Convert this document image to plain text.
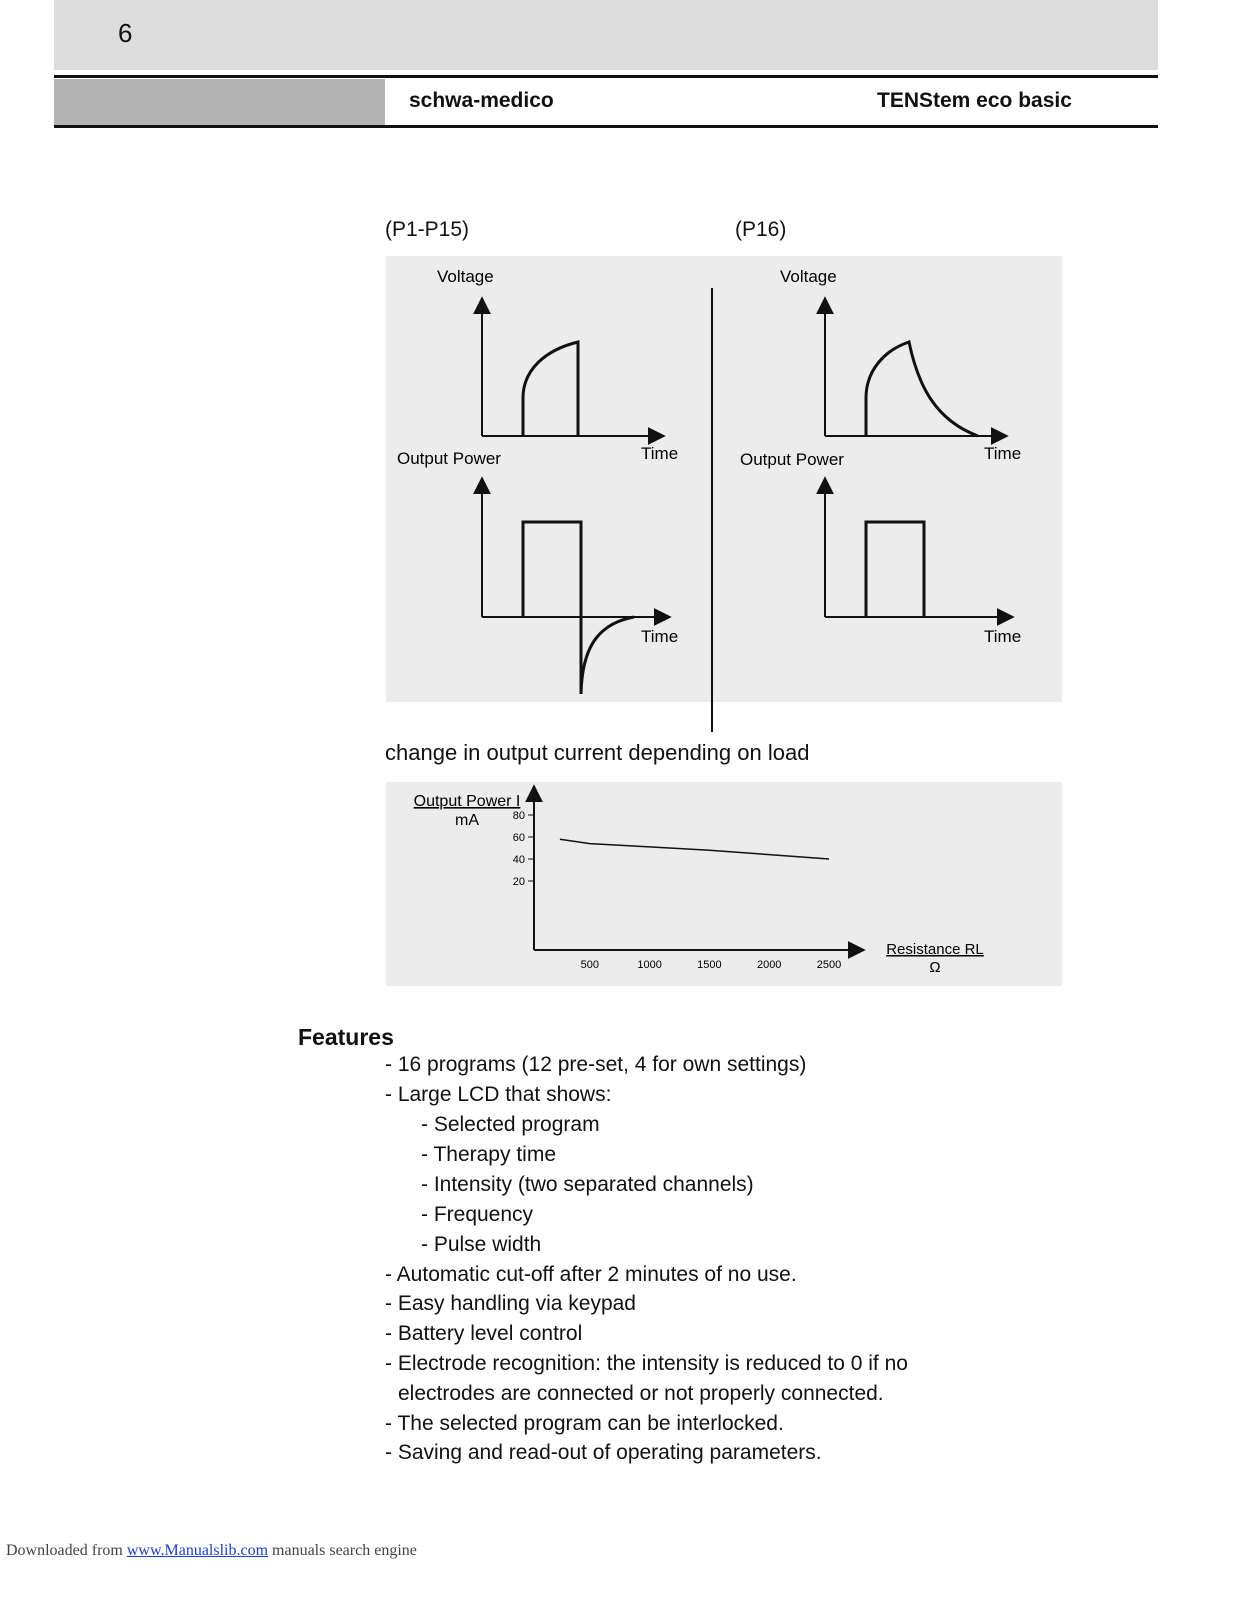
6
schwa-medico	TENStem eco basic
(P1-P15)	(P16)
Voltage
Time
Output Power
Time
Voltage
Time
Output Power
Time
change in output current depending on load
Output Power I
mA
Resistance RL
Ω
80
60
40
20
500	1000	1500	2000	2500
Features
- 16 programs (12 pre-set, 4 for own settings)
- Large LCD that shows:
- Selected program
- Therapy time
- Intensity (two separated channels)
- Frequency
- Pulse width
- Automatic cut-off after 2 minutes of no use.
- Easy handling via keypad
- Battery level control
- Electrode recognition: the intensity is reduced to 0 if no
electrodes are connected or not properly connected.
- The selected program can be interlocked.
- Saving and read-out of operating parameters.
Downloaded from www.Manualslib.com manuals search engine
